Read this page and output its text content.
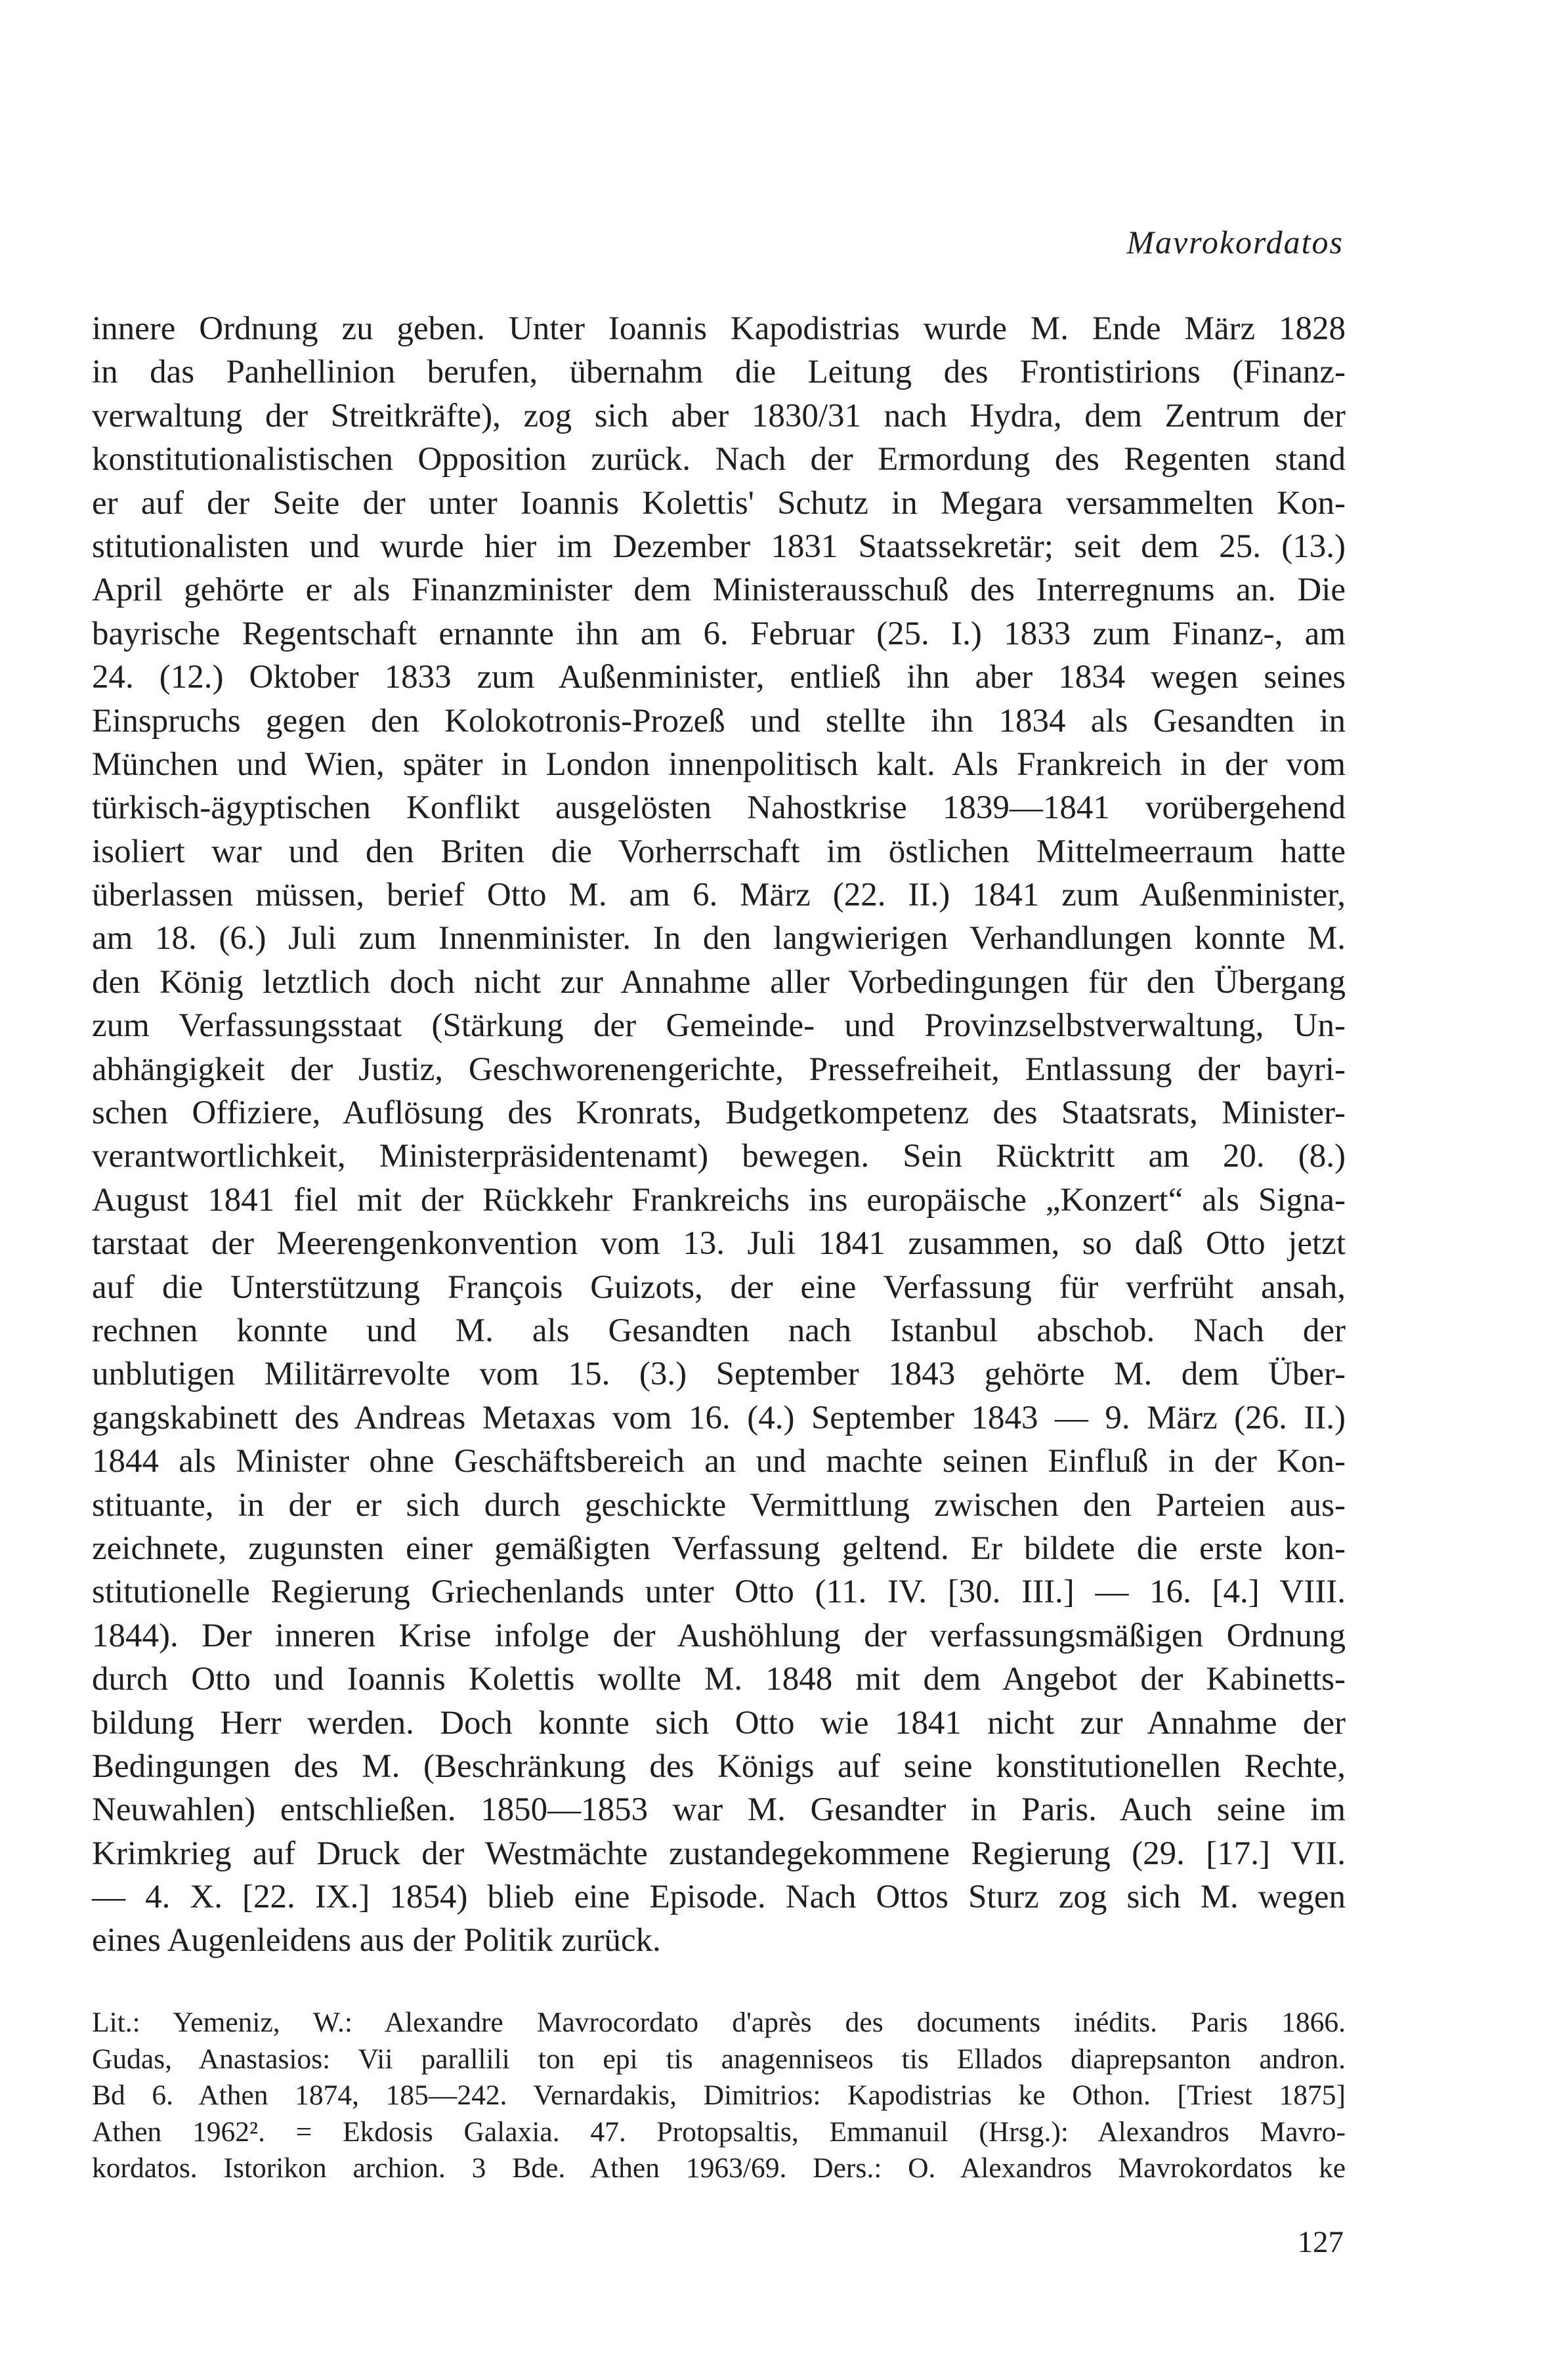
Mavrokordatos
innere Ordnung zu geben. Unter Ioannis Kapodistrias wurde M. Ende März 1828
in das Panhellinion berufen, übernahm die Leitung des Frontistirions (Finanz-
verwaltung der Streitkräfte), zog sich aber 1830/31 nach Hydra, dem Zentrum der
konstitutionalistischen Opposition zurück. Nach der Ermordung des Regenten stand
er auf der Seite der unter Ioannis Kolettis' Schutz in Megara versammelten Kon-
stitutionalisten und wurde hier im Dezember 1831 Staatssekretär; seit dem 25. (13.)
April gehörte er als Finanzminister dem Ministerausschuß des Interregnums an. Die
bayrische Regentschaft ernannte ihn am 6. Februar (25. I.) 1833 zum Finanz-, am
24. (12.) Oktober 1833 zum Außenminister, entließ ihn aber 1834 wegen seines
Einspruchs gegen den Kolokotronis-Prozeß und stellte ihn 1834 als Gesandten in
München und Wien, später in London innenpolitisch kalt. Als Frankreich in der vom
türkisch-ägyptischen Konflikt ausgelösten Nahostkrise 1839—1841 vorübergehend
isoliert war und den Briten die Vorherrschaft im östlichen Mittelmeerraum hatte
überlassen müssen, berief Otto M. am 6. März (22. II.) 1841 zum Außenminister,
am 18. (6.) Juli zum Innenminister. In den langwierigen Verhandlungen konnte M.
den König letztlich doch nicht zur Annahme aller Vorbedingungen für den Übergang
zum Verfassungsstaat (Stärkung der Gemeinde- und Provinzselbstverwaltung, Un-
abhängigkeit der Justiz, Geschworenengerichte, Pressefreiheit, Entlassung der bayri-
schen Offiziere, Auflösung des Kronrats, Budgetkompetenz des Staatsrats, Minister-
verantwortlichkeit, Ministerpräsidentenamt) bewegen. Sein Rücktritt am 20. (8.)
August 1841 fiel mit der Rückkehr Frankreichs ins europäische „Konzert“ als Signa-
tarstaat der Meerengenkonvention vom 13. Juli 1841 zusammen, so daß Otto jetzt
auf die Unterstützung François Guizots, der eine Verfassung für verfrüht ansah,
rechnen konnte und M. als Gesandten nach Istanbul abschob. Nach der
unblutigen Militärrevolte vom 15. (3.) September 1843 gehörte M. dem Über-
gangskabinett des Andreas Metaxas vom 16. (4.) September 1843 — 9. März (26. II.)
1844 als Minister ohne Geschäftsbereich an und machte seinen Einfluß in der Kon-
stituante, in der er sich durch geschickte Vermittlung zwischen den Parteien aus-
zeichnete, zugunsten einer gemäßigten Verfassung geltend. Er bildete die erste kon-
stitutionelle Regierung Griechenlands unter Otto (11. IV. [30. III.] — 16. [4.] VIII.
1844). Der inneren Krise infolge der Aushöhlung der verfassungsmäßigen Ordnung
durch Otto und Ioannis Kolettis wollte M. 1848 mit dem Angebot der Kabinetts-
bildung Herr werden. Doch konnte sich Otto wie 1841 nicht zur Annahme der
Bedingungen des M. (Beschränkung des Königs auf seine konstitutionellen Rechte,
Neuwahlen) entschließen. 1850—1853 war M. Gesandter in Paris. Auch seine im
Krimkrieg auf Druck der Westmächte zustandegekommene Regierung (29. [17.] VII.
— 4. X. [22. IX.] 1854) blieb eine Episode. Nach Ottos Sturz zog sich M. wegen
eines Augenleidens aus der Politik zurück.
Lit.: Yemeniz, W.: Alexandre Mavrocordato d'après des documents inédits. Paris 1866.
Gudas, Anastasios: Vii parallili ton epi tis anagenniseos tis Ellados diaprepsanton andron.
Bd 6. Athen 1874, 185—242. Vernardakis, Dimitrios: Kapodistrias ke Othon. [Triest 1875]
Athen 1962². = Ekdosis Galaxia. 47. Protopsaltis, Emmanuil (Hrsg.): Alexandros Mavro-
kordatos. Istorikon archion. 3 Bde. Athen 1963/69. Ders.: O. Alexandros Mavrokordatos ke
127
